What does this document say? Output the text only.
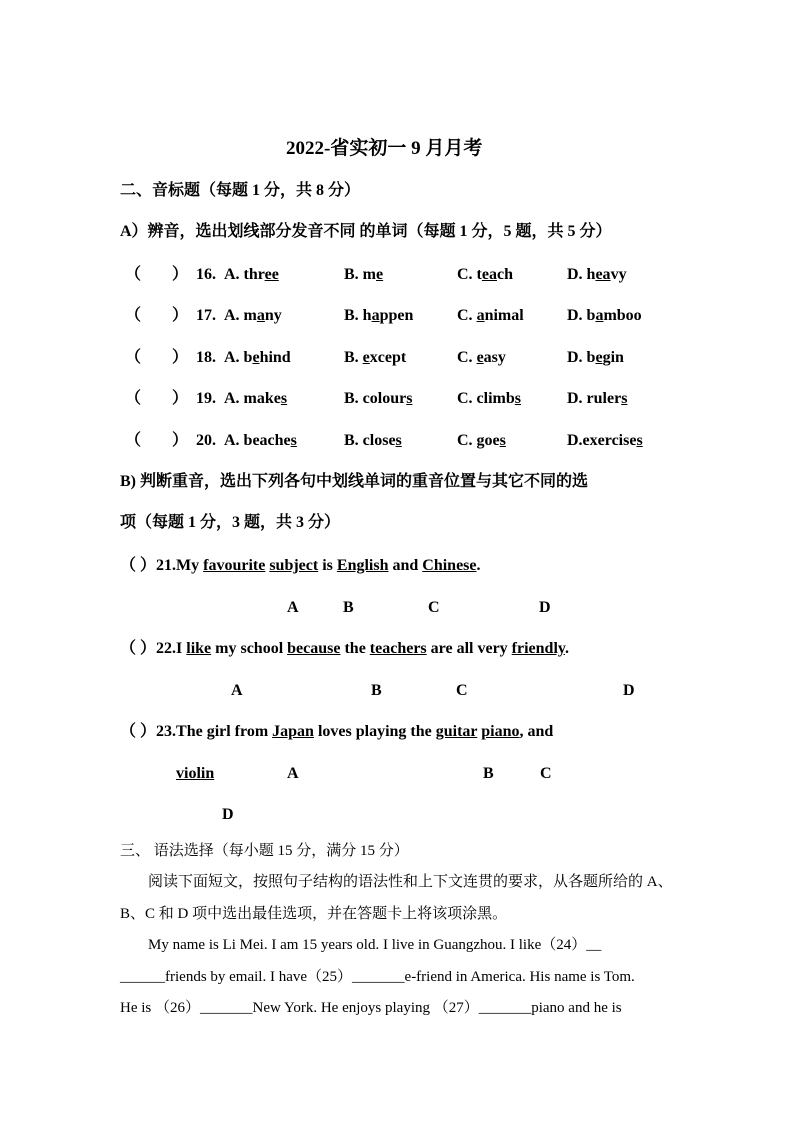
2022-省实初一 9 月月考
二、音标题（每题 1 分，共 8 分）
A）辨音，选出划线部分发音不同 的单词（每题 1 分，5 题，共 5 分）
（ ） 16. A. three	B. me	C. teach	D. heavy
（ ） 17. A. many	B. happen	C. animal	D. bamboo
（ ） 18. A. behind	B. except	C. easy	D. begin
（ ） 19. A. makes	B. colours	C. climbs	D. rulers
（ ） 20. A. beaches	B. closes	C. goes	D.exercises
B) 判断重音，选出下列各句中划线单词的重音位置与其它不同的选
项（每题 1 分，3 题，共 3 分）
（ ）21.My favourite subject is English and Chinese.
A	B	C	D
（ ）22.I like my school because the teachers are all very friendly.
A	B	C	D
（ ）23.The girl from Japan loves playing the guitar piano, and
violin	A	B	C
D
三、 语法选择（每小题 15 分，满分 15 分）
阅读下面短文，按照句子结构的语法性和上下文连贯的要求，从各题所给的 A、
B、C 和 D 项中选出最佳选项，并在答题卡上将该项涂黑。
My name is Li Mei. I am 15 years old. I live in Guangzhou. I like（24）__
______friends by email. I have（25）_______e-friend in America. His name is Tom.
He is （26）_______New York. He enjoys playing （27）_______piano and he is
